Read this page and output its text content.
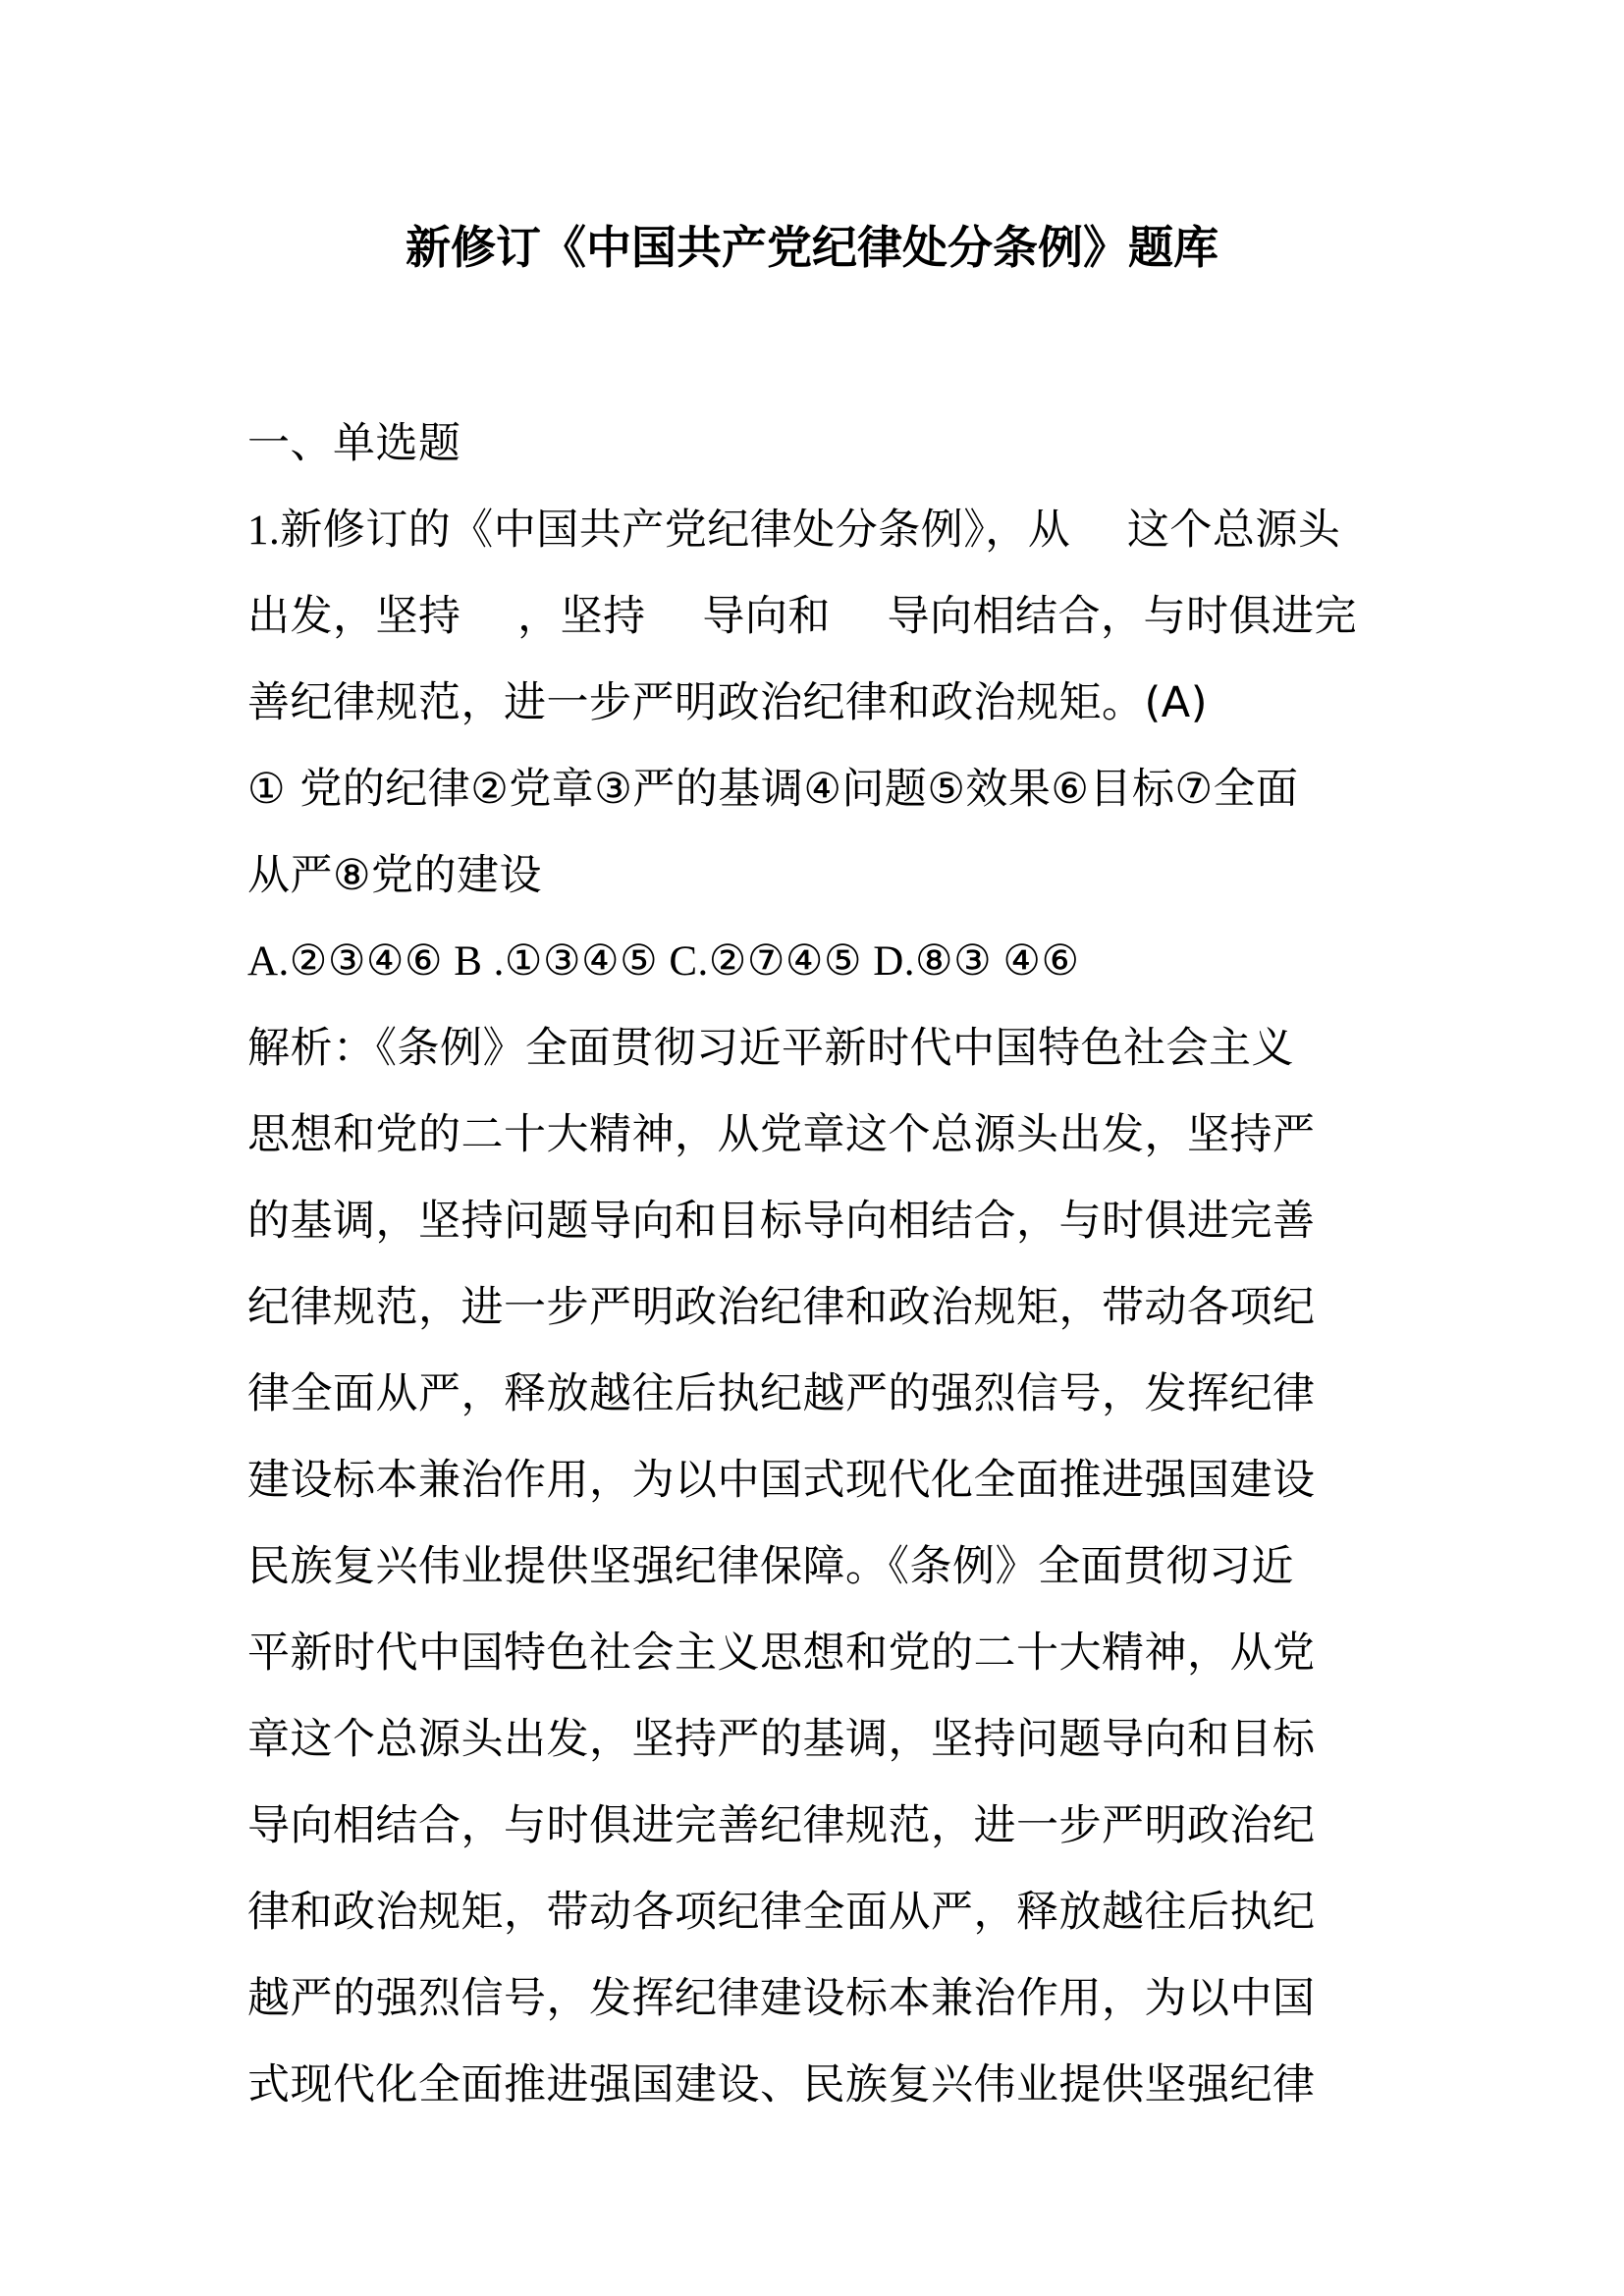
新修订《中国共产党纪律处分条例》题库
一、单选题
1.新修订的《中国共产党纪律处分条例》，从　 这个总源头
出发，坚持　 ，坚持　 导向和　 导向相结合，与时俱进完
善纪律规范，进一步严明政治纪律和政治规矩。(A)
① 党的纪律②党章③严的基调④问题⑤效果⑥目标⑦全面
从严⑧党的建设
A.②③④⑥ B .①③④⑤ C.②⑦④⑤ D.⑧③ ④⑥
解析：《条例》全面贯彻习近平新时代中国特色社会主义
思想和党的二十大精神，从党章这个总源头出发，坚持严
的基调，坚持问题导向和目标导向相结合，与时俱进完善
纪律规范，进一步严明政治纪律和政治规矩，带动各项纪
律全面从严，释放越往后执纪越严的强烈信号，发挥纪律
建设标本兼治作用，为以中国式现代化全面推进强国建设
民族复兴伟业提供坚强纪律保障。《条例》全面贯彻习近
平新时代中国特色社会主义思想和党的二十大精神，从党
章这个总源头出发，坚持严的基调，坚持问题导向和目标
导向相结合，与时俱进完善纪律规范，进一步严明政治纪
律和政治规矩，带动各项纪律全面从严，释放越往后执纪
越严的强烈信号，发挥纪律建设标本兼治作用，为以中国
式现代化全面推进强国建设、民族复兴伟业提供坚强纪律
